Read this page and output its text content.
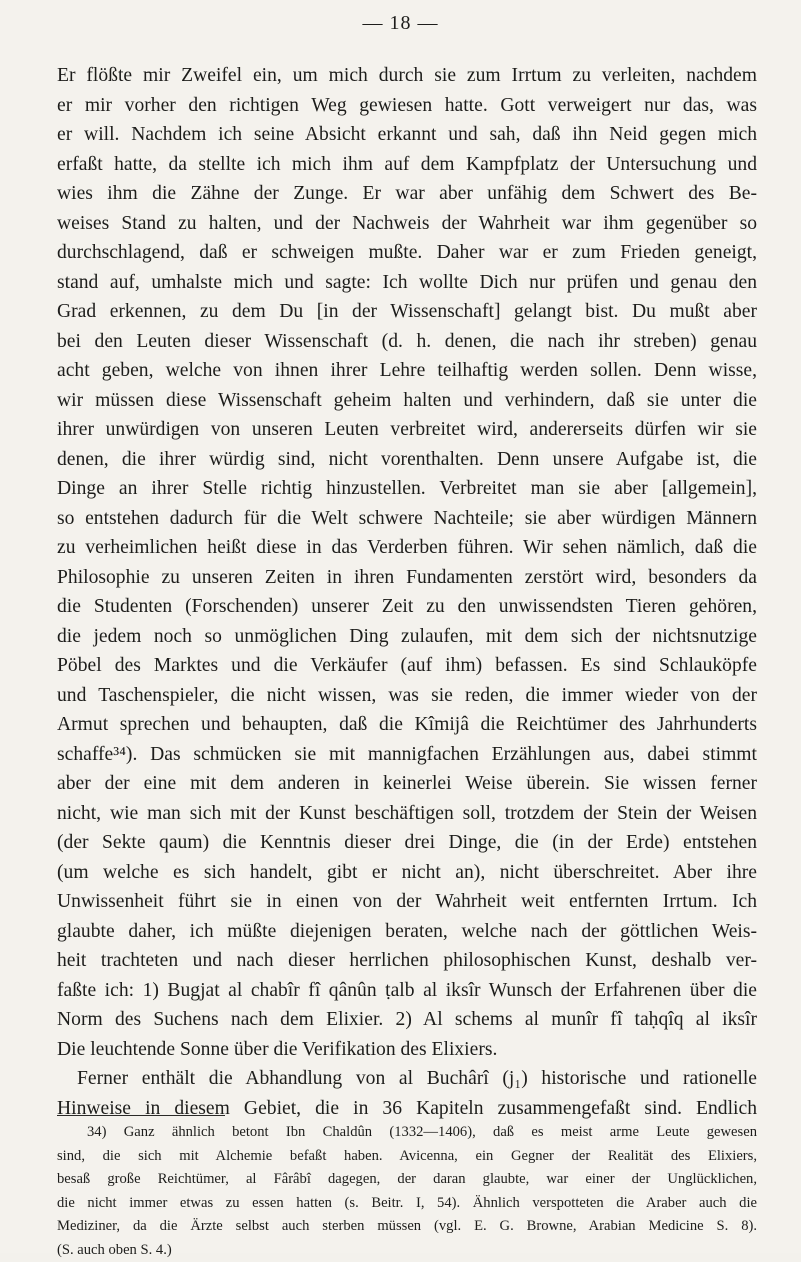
— 18 —
Er flößte mir Zweifel ein, um mich durch sie zum Irrtum zu verleiten, nachdem
er mir vorher den richtigen Weg gewiesen hatte. Gott verweigert nur das, was
er will. Nachdem ich seine Absicht erkannt und sah, daß ihn Neid gegen mich
erfaßt hatte, da stellte ich mich ihm auf dem Kampfplatz der Untersuchung und
wies ihm die Zähne der Zunge. Er war aber unfähig dem Schwert des Be-
weises Stand zu halten, und der Nachweis der Wahrheit war ihm gegenüber so
durchschlagend, daß er schweigen mußte. Daher war er zum Frieden geneigt,
stand auf, umhalste mich und sagte: Ich wollte Dich nur prüfen und genau den
Grad erkennen, zu dem Du [in der Wissenschaft] gelangt bist. Du mußt aber
bei den Leuten dieser Wissenschaft (d. h. denen, die nach ihr streben) genau
acht geben, welche von ihnen ihrer Lehre teilhaftig werden sollen. Denn wisse,
wir müssen diese Wissenschaft geheim halten und verhindern, daß sie unter die
ihrer unwürdigen von unseren Leuten verbreitet wird, andererseits dürfen wir sie
denen, die ihrer würdig sind, nicht vorenthalten. Denn unsere Aufgabe ist, die
Dinge an ihrer Stelle richtig hinzustellen. Verbreitet man sie aber [allgemein],
so entstehen dadurch für die Welt schwere Nachteile; sie aber würdigen Männern
zu verheimlichen heißt diese in das Verderben führen. Wir sehen nämlich, daß die
Philosophie zu unseren Zeiten in ihren Fundamenten zerstört wird, besonders da
die Studenten (Forschenden) unserer Zeit zu den unwissendsten Tieren gehören,
die jedem noch so unmöglichen Ding zulaufen, mit dem sich der nichtsnutzige
Pöbel des Marktes und die Verkäufer (auf ihm) befassen. Es sind Schlauköpfe
und Taschenspieler, die nicht wissen, was sie reden, die immer wieder von der
Armut sprechen und behaupten, daß die Kîmijâ die Reichtümer des Jahrhunderts
schaffe³⁴). Das schmücken sie mit mannigfachen Erzählungen aus, dabei stimmt
aber der eine mit dem anderen in keinerlei Weise überein. Sie wissen ferner
nicht, wie man sich mit der Kunst beschäftigen soll, trotzdem der Stein der Weisen
(der Sekte qaum) die Kenntnis dieser drei Dinge, die (in der Erde) entstehen
(um welche es sich handelt, gibt er nicht an), nicht überschreitet. Aber ihre
Unwissenheit führt sie in einen von der Wahrheit weit entfernten Irrtum. Ich
glaubte daher, ich müßte diejenigen beraten, welche nach der göttlichen Weis-
heit trachteten und nach dieser herrlichen philosophischen Kunst, deshalb ver-
faßte ich: 1) Bugjat al chabîr fî qânûn ṭalb al iksîr Wunsch der Erfahrenen über die
Norm des Suchens nach dem Elixier. 2) Al schems al munîr fî taḥqîq al iksîr
Die leuchtende Sonne über die Verifikation des Elixiers.
Ferner enthält die Abhandlung von al Buchârî (j₁) historische und rationelle
Hinweise in diesem Gebiet, die in 36 Kapiteln zusammengefaßt sind. Endlich
34) Ganz ähnlich betont Ibn Chaldûn (1332—1406), daß es meist arme Leute gewesen
sind, die sich mit Alchemie befaßt haben. Avicenna, ein Gegner der Realität des Elixiers,
besaß große Reichtümer, al Fârâbî dagegen, der daran glaubte, war einer der Unglücklichen,
die nicht immer etwas zu essen hatten (s. Beitr. I, 54). Ähnlich verspotteten die Araber auch die
Mediziner, da die Ärzte selbst auch sterben müssen (vgl. E. G. Browne, Arabian Medicine S. 8).
(S. auch oben S. 4.)
